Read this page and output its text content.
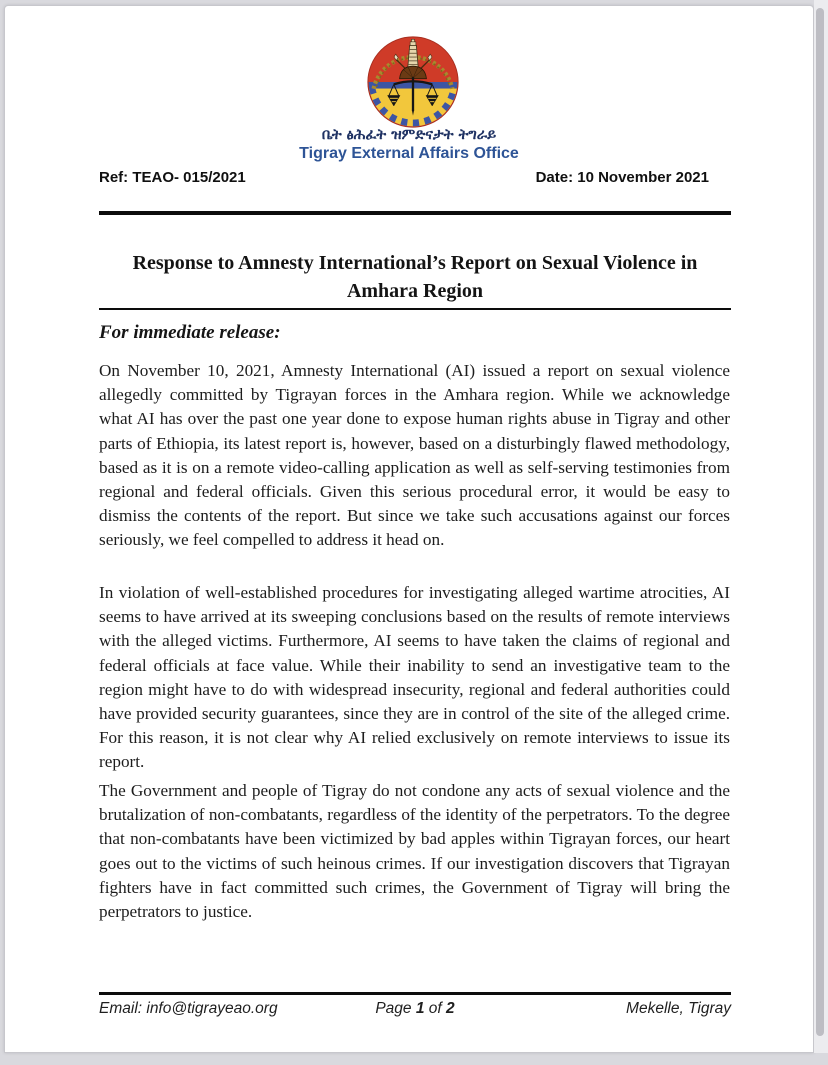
ቤት ፅሕፈት ዝምድናታት ትግራይ
Tigray External Affairs Office
Ref: TEAO- 015/2021	Date: 10 November 2021
Response to Amnesty International’s Report on Sexual Violence in
Amhara Region
For immediate release:

On November 10, 2021, Amnesty International (AI) issued a report on sexual violence allegedly committed by Tigrayan forces in the Amhara region. While we acknowledge what AI has over the past one year done to expose human rights abuse in Tigray and other parts of Ethiopia, its latest report is, however, based on a disturbingly flawed methodology, based as it is on a remote video-calling application as well as self-serving testimonies from regional and federal officials. Given this serious procedural error, it would be easy to dismiss the contents of the report. But since we take such accusations against our forces seriously, we feel compelled to address it head on.

In violation of well-established procedures for investigating alleged wartime atrocities, AI seems to have arrived at its sweeping conclusions based on the results of remote interviews with the alleged victims. Furthermore, AI seems to have taken the claims of regional and federal officials at face value. While their inability to send an investigative team to the region might have to do with widespread insecurity, regional and federal authorities could have provided security guarantees, since they are in control of the site of the alleged crime. For this reason, it is not clear why AI relied exclusively on remote interviews to issue its report.

The Government and people of Tigray do not condone any acts of sexual violence and the brutalization of non-combatants, regardless of the identity of the perpetrators. To the degree that non-combatants have been victimized by bad apples within Tigrayan forces, our heart goes out to the victims of such heinous crimes. If our investigation discovers that Tigrayan fighters have in fact committed such crimes, the Government of Tigray will bring the perpetrators to justice.

Email: info@tigrayeao.org	Page 1 of 2	Mekelle, Tigray
